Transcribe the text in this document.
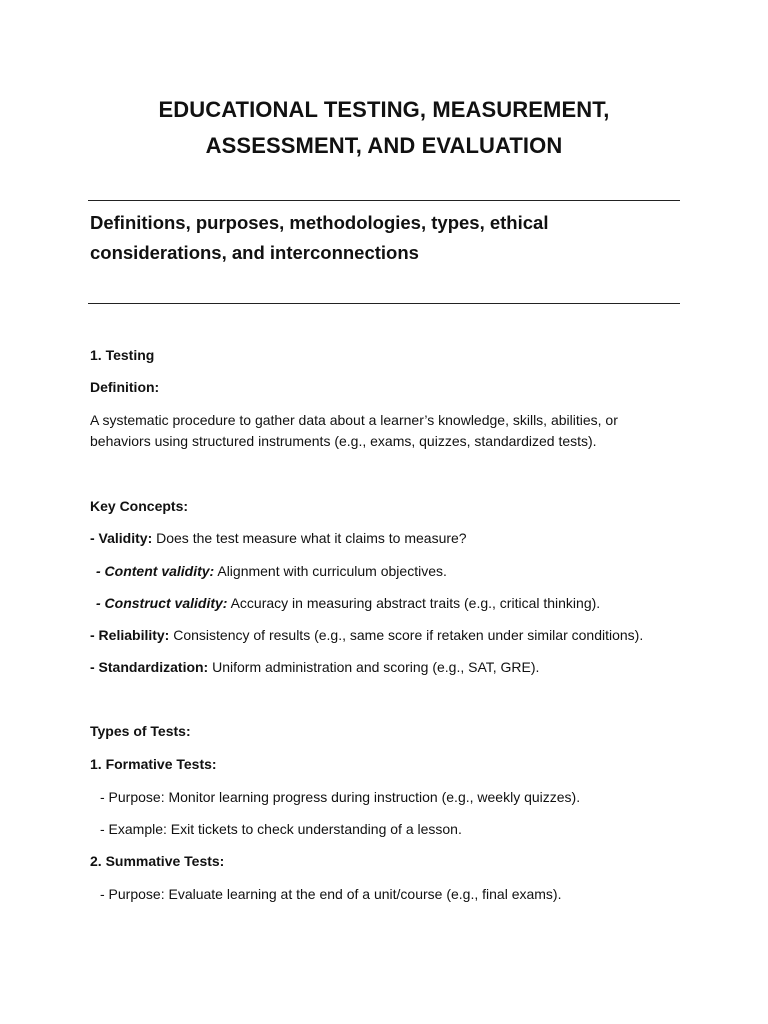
EDUCATIONAL TESTING, MEASUREMENT,
ASSESSMENT, AND EVALUATION
Definitions, purposes, methodologies, types, ethical
considerations, and interconnections

1. Testing

Definition:

A systematic procedure to gather data about a learner’s knowledge, skills, abilities, or

behaviors using structured instruments (e.g., exams, quizzes, standardized tests).

Key Concepts:

- Validity: Does the test measure what it claims to measure?

- Content validity: Alignment with curriculum objectives.

- Construct validity: Accuracy in measuring abstract traits (e.g., critical thinking).

- Reliability: Consistency of results (e.g., same score if retaken under similar conditions).

- Standardization: Uniform administration and scoring (e.g., SAT, GRE).

Types of Tests:

1. Formative Tests:

- Purpose: Monitor learning progress during instruction (e.g., weekly quizzes).

- Example: Exit tickets to check understanding of a lesson.

2. Summative Tests:

- Purpose: Evaluate learning at the end of a unit/course (e.g., final exams).
